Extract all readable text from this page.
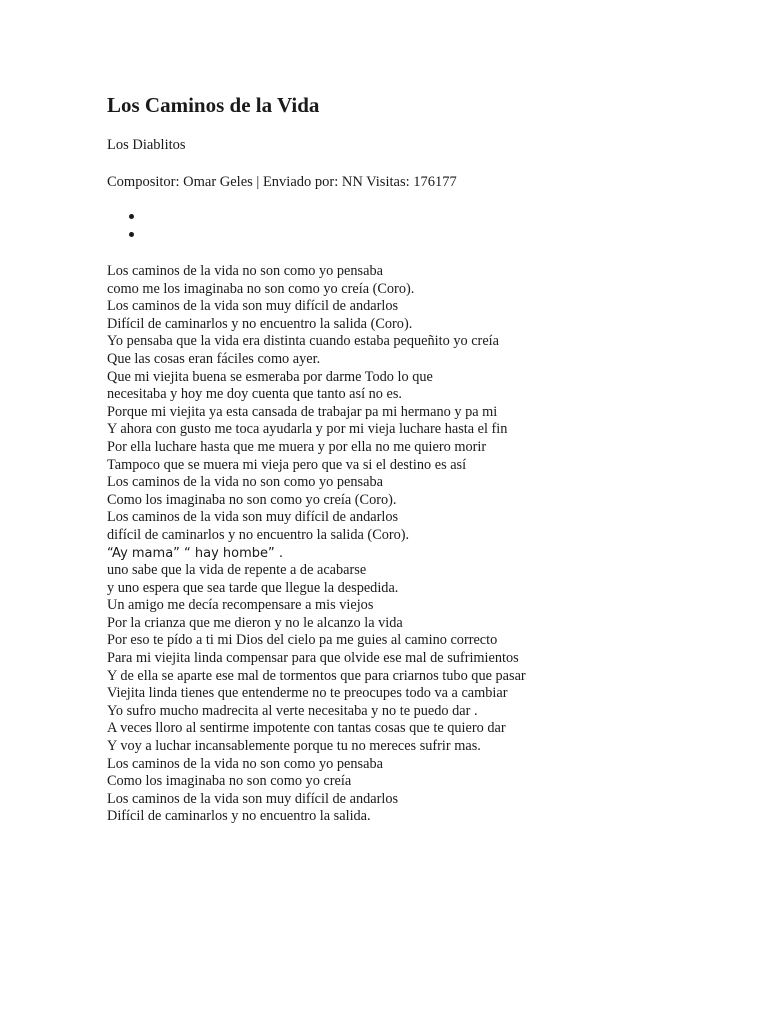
Los Caminos de la Vida
Los Diablitos
Compositor: Omar Geles | Enviado por: NN Visitas: 176177
Los caminos de la vida no son como yo pensaba
como me los imaginaba no son como yo creía (Coro).
Los caminos de la vida son muy difícil de andarlos
Difícil de caminarlos y no encuentro la salida (Coro).
Yo pensaba que la vida era distinta cuando estaba pequeñito yo creía
Que las cosas eran fáciles como ayer.
Que mi viejita buena se esmeraba por darme Todo lo que
necesitaba y hoy me doy cuenta que tanto así no es.
Porque mi viejita ya esta cansada de trabajar pa mi hermano y pa mi
Y ahora con gusto me toca ayudarla y por mi vieja luchare hasta el fin
Por ella luchare hasta que me muera y por ella no me quiero morir
Tampoco que se muera mi vieja pero que va si el destino es así
Los caminos de la vida no son como yo pensaba
Como los imaginaba no son como yo creía (Coro).
Los caminos de la vida son muy difícil de andarlos
difícil de caminarlos y no encuentro la salida (Coro).
“Ay mama” “ hay hombe” .
uno sabe que la vida de repente a de acabarse
y uno espera que sea tarde que llegue la despedida.
Un amigo me decía recompensare a mis viejos
Por la crianza que me dieron y no le alcanzo la vida
Por eso te pído a ti mi Dios del cielo pa me guies al camino correcto
Para mi viejita linda compensar para que olvide ese mal de sufrimientos
Y de ella se aparte ese mal de tormentos que para criarnos tubo que pasar
Viejita linda tienes que entenderme no te preocupes todo va a cambiar
Yo sufro mucho madrecita al verte necesitaba y no te puedo dar .
A veces lloro al sentirme impotente con tantas cosas que te quiero dar
Y voy a luchar incansablemente porque tu no mereces sufrir mas.
Los caminos de la vida no son como yo pensaba
Como los imaginaba no son como yo creía
Los caminos de la vida son muy difícil de andarlos
Difícil de caminarlos y no encuentro la salida.
